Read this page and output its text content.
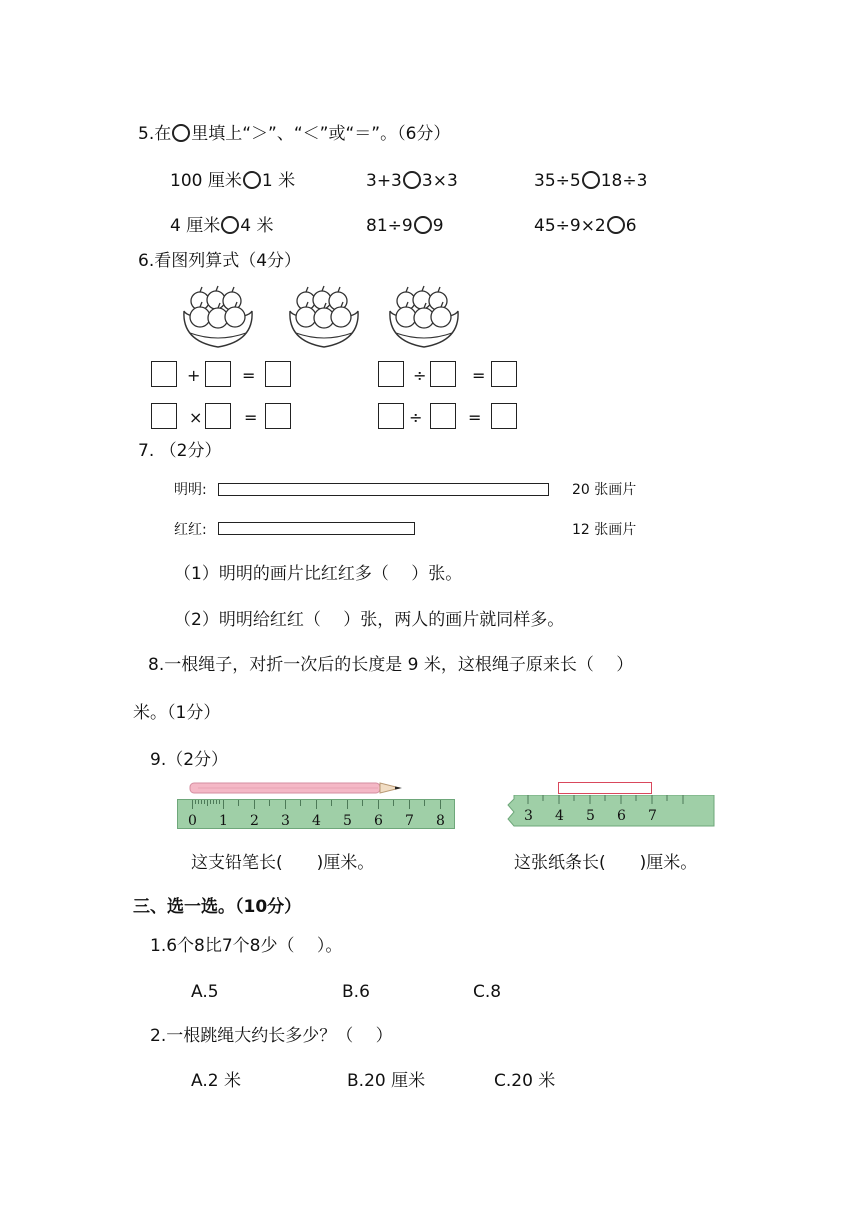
5.在 里填上“＞”、“＜”或“＝”。（6分）
100 厘米 1 米	3+3 3×3	35÷5 18÷3
4 厘米 4 米	81÷9 9	45÷9×2 6
6.看图列算式（4分）
+	=	÷	=
×	=	÷	=
7. （2分）
明明:	20 张画片
红红:	12 张画片
（1）明明的画片比红红多（　 ）张。
（2）明明给红红（　 ）张，两人的画片就同样多。
8.一根绳子，对折一次后的长度是 9 米，这根绳子原来长（　 ）
米。（1分）
9.（2分）
0 1 2 3 4 5 6 7 8	3 4 5 6 7
这支铅笔长(　　)厘米。	这张纸条长(　　)厘米。
三、选一选。（10分）
1.6个8比7个8少（　 ）。
A.5	B.6	C.8
2.一根跳绳大约长多少？（　 ）
A.2 米	B.20 厘米	C.20 米
